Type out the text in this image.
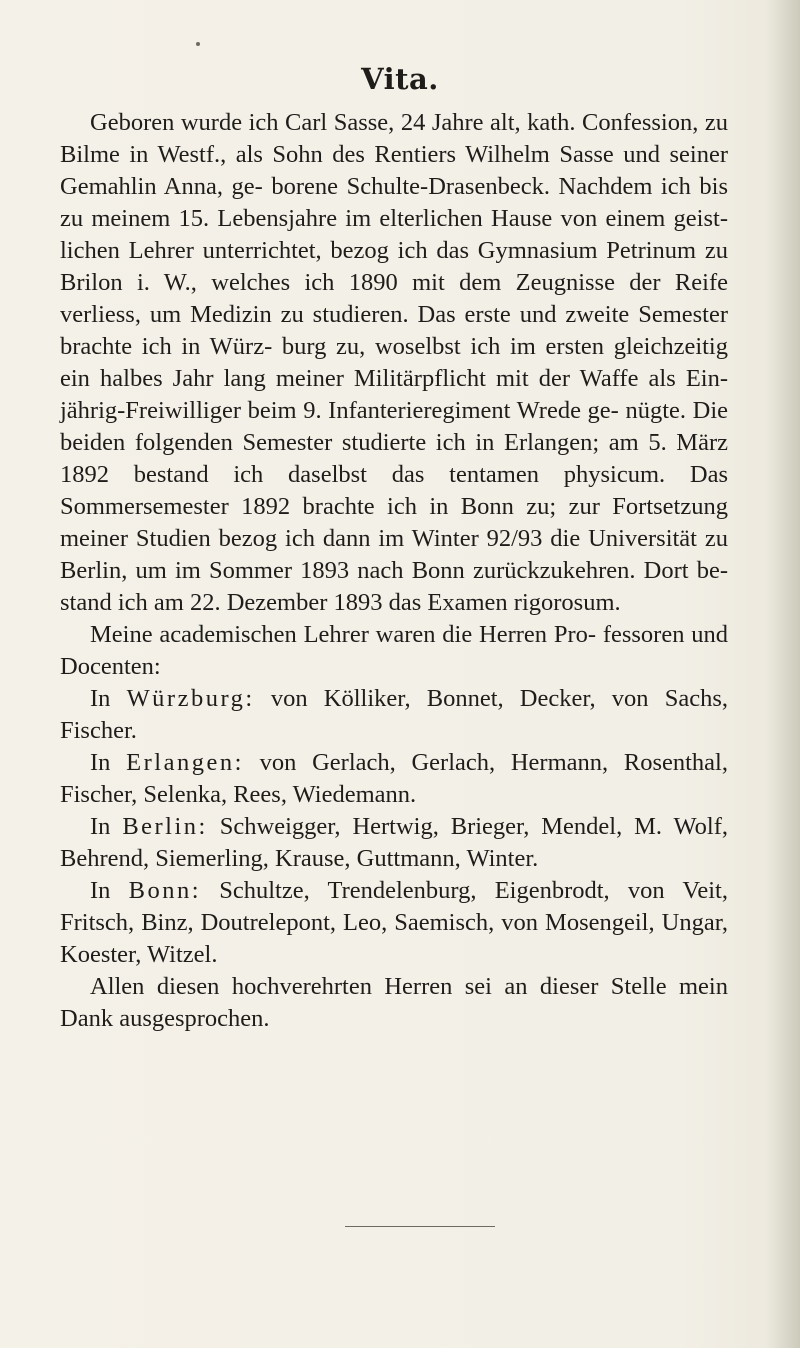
Vita.

Geboren wurde ich Carl Sasse, 24 Jahre alt, kath. Confession, zu Bilme in Westf., als Sohn des Rentiers Wilhelm Sasse und seiner Gemahlin Anna, ge- borene Schulte-Drasenbeck. Nachdem ich bis zu meinem 15. Lebensjahre im elterlichen Hause von einem geist- lichen Lehrer unterrichtet, bezog ich das Gymnasium Petrinum zu Brilon i. W., welches ich 1890 mit dem Zeugnisse der Reife verliess, um Medizin zu studieren. Das erste und zweite Semester brachte ich in Würz- burg zu, woselbst ich im ersten gleichzeitig ein halbes Jahr lang meiner Militärpflicht mit der Waffe als Ein- jährig-Freiwilliger beim 9. Infanterieregiment Wrede ge- nügte. Die beiden folgenden Semester studierte ich in Erlangen; am 5. März 1892 bestand ich daselbst das tentamen physicum. Das Sommersemester 1892 brachte ich in Bonn zu; zur Fortsetzung meiner Studien bezog ich dann im Winter 92/93 die Universität zu Berlin, um im Sommer 1893 nach Bonn zurückzukehren. Dort be- stand ich am 22. Dezember 1893 das Examen rigorosum.

Meine academischen Lehrer waren die Herren Pro- fessoren und Docenten:

In Würzburg: von Kölliker, Bonnet, Decker, von Sachs, Fischer.

In Erlangen: von Gerlach, Gerlach, Hermann, Rosenthal, Fischer, Selenka, Rees, Wiedemann.

In Berlin: Schweigger, Hertwig, Brieger, Mendel, M. Wolf, Behrend, Siemerling, Krause, Guttmann, Winter.

In Bonn: Schultze, Trendelenburg, Eigenbrodt, von Veit, Fritsch, Binz, Doutrelepont, Leo, Saemisch, von Mosengeil, Ungar, Koester, Witzel.

Allen diesen hochverehrten Herren sei an dieser Stelle mein Dank ausgesprochen.
